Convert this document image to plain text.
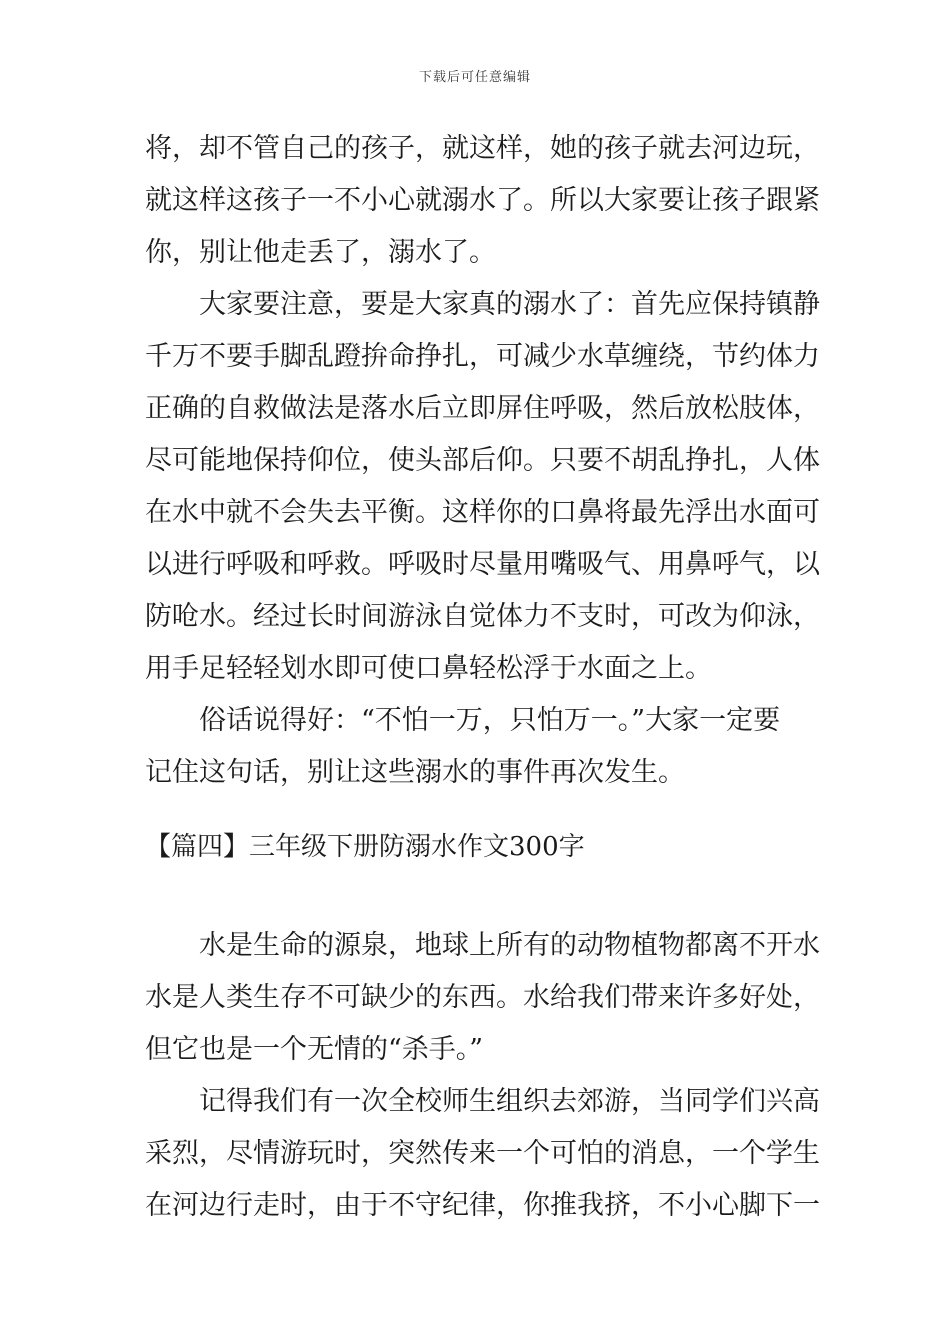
下载后可任意编辑
将，却不管自己的孩子，就这样，她的孩子就去河边玩，
就这样这孩子一不小心就溺水了。所以大家要让孩子跟紧
你，别让他走丢了，溺水了。
大家要注意，要是大家真的溺水了：首先应保持镇静
千万不要手脚乱蹬拚命挣扎，可减少水草缠绕，节约体力
正确的自救做法是落水后立即屏住呼吸，然后放松肢体，
尽可能地保持仰位，使头部后仰。只要不胡乱挣扎，人体
在水中就不会失去平衡。这样你的口鼻将最先浮出水面可
以进行呼吸和呼救。呼吸时尽量用嘴吸气、用鼻呼气，以
防呛水。经过长时间游泳自觉体力不支时，可改为仰泳，
用手足轻轻划水即可使口鼻轻松浮于水面之上。
俗话说得好：“不怕一万，只怕万一。”大家一定要
记住这句话，别让这些溺水的事件再次发生。
【篇四】三年级下册防溺水作文300字
水是生命的源泉，地球上所有的动物植物都离不开水
水是人类生存不可缺少的东西。水给我们带来许多好处，
但它也是一个无情的“杀手。”
记得我们有一次全校师生组织去郊游，当同学们兴高
采烈，尽情游玩时，突然传来一个可怕的消息，一个学生
在河边行走时，由于不守纪律，你推我挤，不小心脚下一
